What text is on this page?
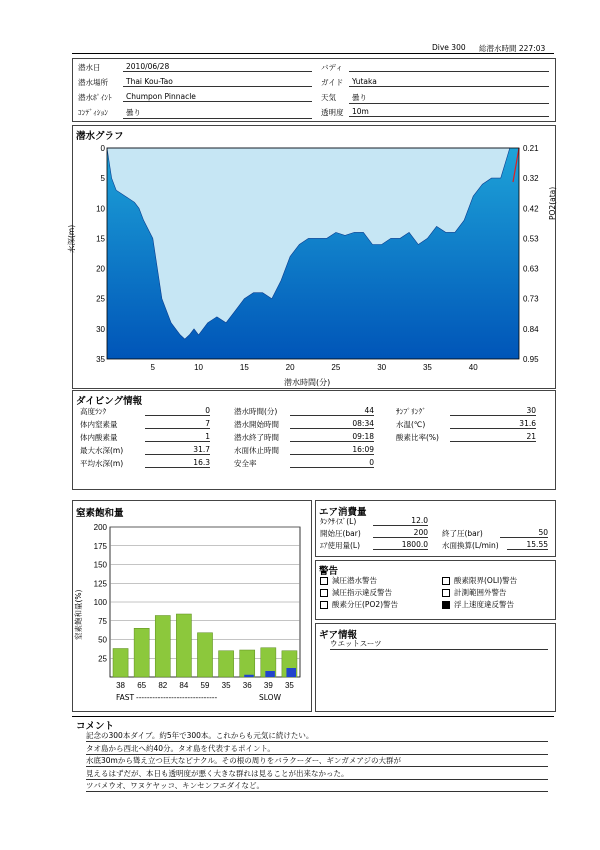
Dive 300 総潜水時間 227:03
潜水日	2010/06/28	バディ
潜水場所	Thai Kou-Tao	ガイド	Yutaka
潜水ﾎﾟｲﾝﾄ	Chumpon Pinnacle	天気	曇り
ｺﾝﾃﾞｨｼｮﾝ	曇り	透明度	10m
潜水グラフ
0
5
10
15
20
25
30
35
0.21
0.32
0.42
0.53
0.63
0.73
0.84
0.95
5	10	15	20	25	30	35	40
水深(m)
PO2(ata)
潜水時間(分)
ダイビング情報
高度ﾗﾝｸ	0
体内窒素量	7
体内酸素量	1
最大水深(m)	31.7
平均水深(m)	16.3
潜水時間(分)	44
潜水開始時間	08:34
潜水終了時間	09:18
水面休止時間	16:09
安全率	0
ｻﾝﾌﾟﾘﾝｸﾞ	30
水温(℃)	31.6
酸素比率(%)	21
窒素飽和量
25
50
75
100
125
150
175
200
38 65 82 84 59 35 36 39 35
窒素飽和量(%)
FAST ------------------------------	SLOW
エア消費量
ﾀﾝｸｻｲｽﾞ(L)	12.0
開始圧(bar)	200 終了圧(bar)	50
ｴｱ使用量(L)	1800.0 水面換算(L/min)	15.55
警告
減圧潜水警告	酸素限界(OLI)警告
減圧指示違反警告	計測範囲外警告
酸素分圧(PO2)警告	浮上速度違反警告
ギア情報
ウエットスーツ
コメント
記念の300本ダイブ。約5年で300本。これからも元気に続けたい。
タオ島から西北へ約40分。タオ島を代表するポイント。
水底30mから聳え立つ巨大なピナクル。その根の周りをバラクーダー、ギンガメアジの大群が
見えるはずだが、本日も透明度が悪く大きな群れは見ることが出来なかった。
ツバメウオ、ワヌケヤッコ、キンセンフエダイなど。
